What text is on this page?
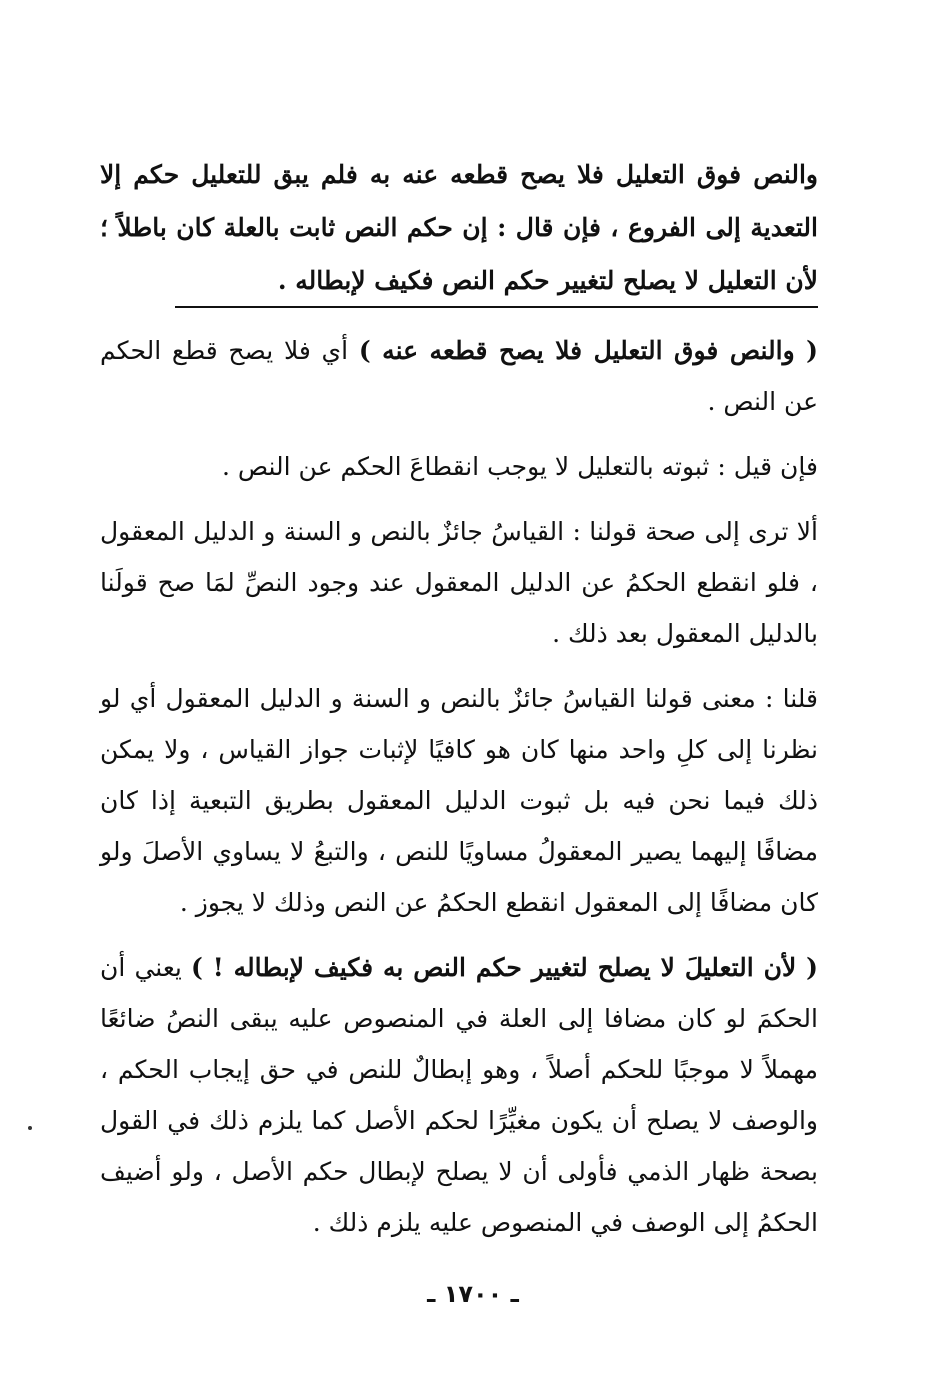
والنص فوق التعليل فلا يصح قطعه عنه به فلم يبق للتعليل حكم إلا التعدية إلى الفروع ، فإن قال : إن حكم النص ثابت بالعلة كان باطلاً ؛ لأن التعليل لا يصلح لتغيير حكم النص فكيف لإبطاله .

( والنص فوق التعليل فلا يصح قطعه عنه ) أي فلا يصح قطع الحكم عن النص .

فإن قيل : ثبوته بالتعليل لا يوجب انقطاعَ الحكم عن النص .

ألا ترى إلى صحة قولنا : القياسُ جائزٌ بالنص و السنة و الدليل المعقول ، فلو انقطع الحكمُ عن الدليل المعقول عند وجود النصِّ لمَا صح قولَنا بالدليل المعقول بعد ذلك .

قلنا : معنى قولنا القياسُ جائزٌ بالنص و السنة و الدليل المعقول أي لو نظرنا إلى كلِ واحد منها كان هو كافيًا لإثبات جواز القياس ، ولا يمكن ذلك فيما نحن فيه بل ثبوت الدليل المعقول بطريق التبعية إذا كان مضافًا إليهما يصير المعقولُ مساويًا للنص ، والتبعُ لا يساوي الأصلَ ولو كان مضافًا إلى المعقول انقطع الحكمُ عن النص وذلك لا يجوز .

( لأن التعليلَ لا يصلح لتغيير حكم النص به فكيف لإبطاله ! ) يعني أن الحكمَ لو كان مضافا إلى العلة في المنصوص عليه يبقى النصُ ضائعًا مهملاً لا موجبًا للحكم أصلاً ، وهو إبطالٌ للنص في حق إيجاب الحكم ، والوصف لا يصلح أن يكون مغيِّرًا لحكم الأصل كما يلزم ذلك في القول بصحة ظهار الذمي فأولى أن لا يصلح لإبطال حكم الأصل ، ولو أضيف الحكمُ إلى الوصف في المنصوص عليه يلزم ذلك .

ـ ١٧٠٠ ـ
